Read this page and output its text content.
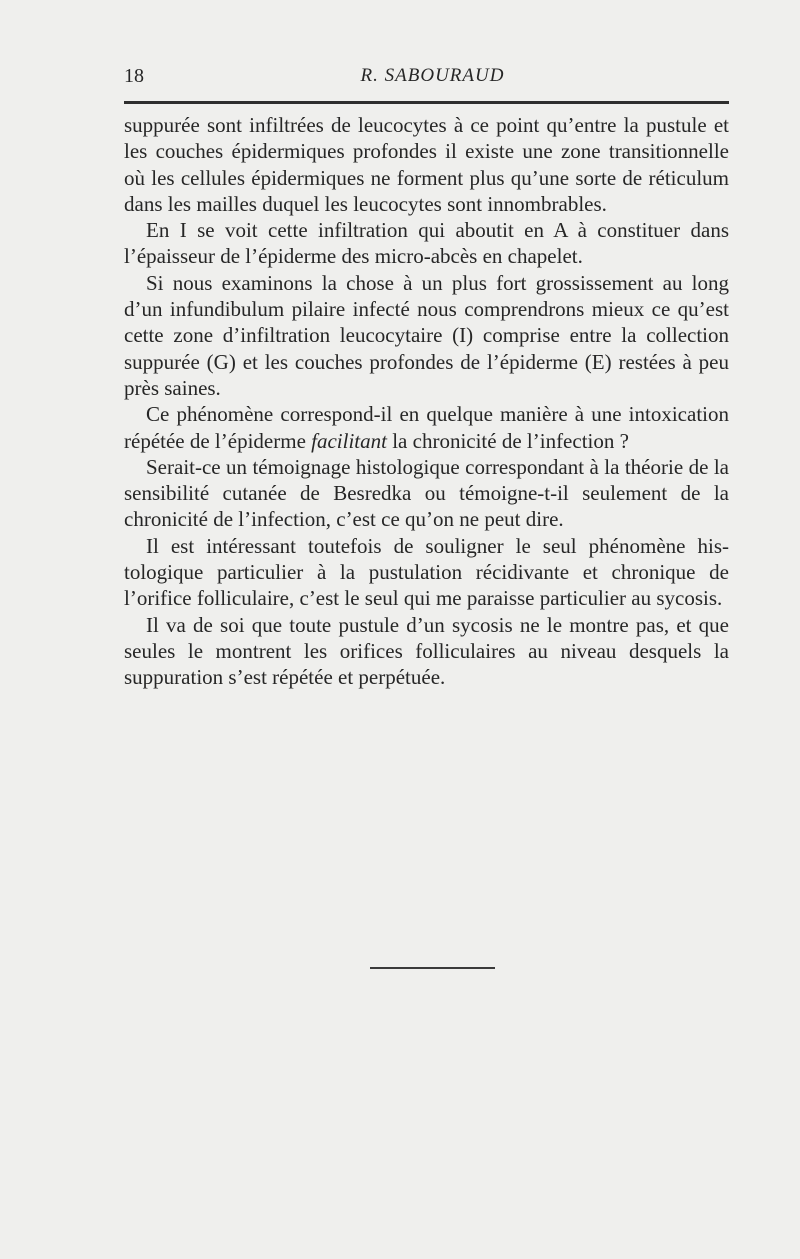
18	R. SABOURAUD

suppurée sont infiltrées de leucocytes à ce point qu’entre la pustule et les couches épidermiques profondes il existe une zone transitionnelle où les cellules épidermiques ne forment plus qu’une sorte de réticulum dans les mailles duquel les leucocytes sont innombrables.

En I se voit cette infiltration qui aboutit en A à constituer dans l’épaisseur de l’épiderme des micro-abcès en chapelet.

Si nous examinons la chose à un plus fort grossissement au long d’un infundibulum pilaire infecté nous comprendrons mieux ce qu’est cette zone d’infiltration leucocytaire (I) comprise entre la collection suppurée (G) et les couches profondes de l’épiderme (E) restées à peu près saines.

Ce phénomène correspond-il en quelque manière à une intoxication répétée de l’épiderme facilitant la chronicité de l’infection ?

Serait-ce un témoignage histologique correspondant à la théorie de la sensibilité cutanée de Besredka ou témoigne-t-il seulement de la chronicité de l’infection, c’est ce qu’on ne peut dire.

Il est intéressant toutefois de souligner le seul phénomène histologique particulier à la pustulation récidivante et chronique de l’orifice folliculaire, c’est le seul qui me paraisse particulier au sycosis.

Il va de soi que toute pustule d’un sycosis ne le montre pas, et que seules le montrent les orifices folliculaires au niveau desquels la suppuration s’est répétée et perpétuée.
